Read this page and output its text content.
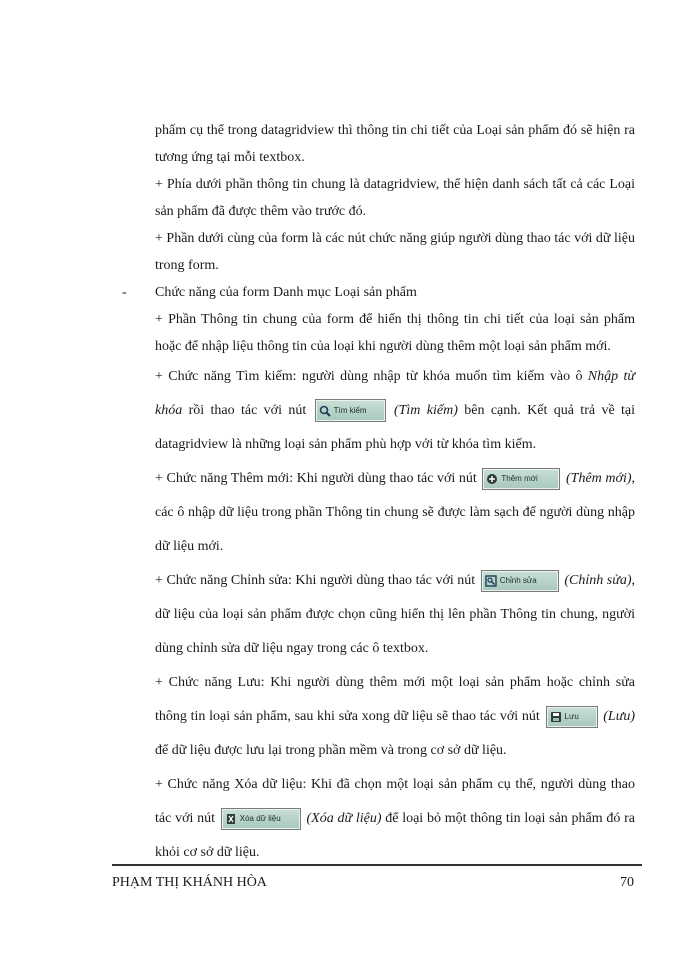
phẩm cụ thể trong datagridview thì thông tin chi tiết của Loại sản phẩm đó sẽ hiện ra tương ứng tại mỗi textbox.

+ Phía dưới phần thông tin chung là datagridview, thể hiện danh sách tất cả các Loại sản phẩm đã được thêm vào trước đó.

+ Phần dưới cùng của form là các nút chức năng giúp người dùng thao tác với dữ liệu trong form.

- Chức năng của form Danh mục Loại sản phẩm

+ Phần Thông tin chung của form để hiển thị thông tin chi tiết của loại sản phẩm hoặc để nhập liệu thông tin của loại khi người dùng thêm một loại sản phẩm mới.

+ Chức năng Tìm kiếm: người dùng nhập từ khóa muốn tìm kiếm vào ô Nhập từ khóa rồi thao tác với nút	Tìm kiếm (Tìm kiếm) bên cạnh. Kết quả trả về tại datagridview là những loại sản phẩm phù hợp với từ khóa tìm kiếm.

+ Chức năng Thêm mới: Khi người dùng thao tác với nút	Thêm mới (Thêm mới), các ô nhập dữ liệu trong phần Thông tin chung sẽ được làm sạch để người dùng nhập dữ liệu mới.

+ Chức năng Chỉnh sửa: Khi người dùng thao tác với nút	Chỉnh sửa (Chỉnh sửa), dữ liệu của loại sản phẩm được chọn cũng hiển thị lên phần Thông tin chung, người dùng chỉnh sửa dữ liệu ngay trong các ô textbox.

+ Chức năng Lưu: Khi người dùng thêm mới một loại sản phẩm hoặc chỉnh sửa thông tin loại sản phẩm, sau khi sửa xong dữ liệu sẽ thao tác với nút	Lưu (Lưu) để dữ liệu được lưu lại trong phần mềm và trong cơ sở dữ liệu.

+ Chức năng Xóa dữ liệu: Khi đã chọn một loại sản phẩm cụ thể, người dùng thao tác với nút	Xóa dữ liệu (Xóa dữ liệu) để loại bỏ một thông tin loại sản phẩm đó ra khỏi cơ sở dữ liệu.

PHẠM THỊ KHÁNH HÒA	70
